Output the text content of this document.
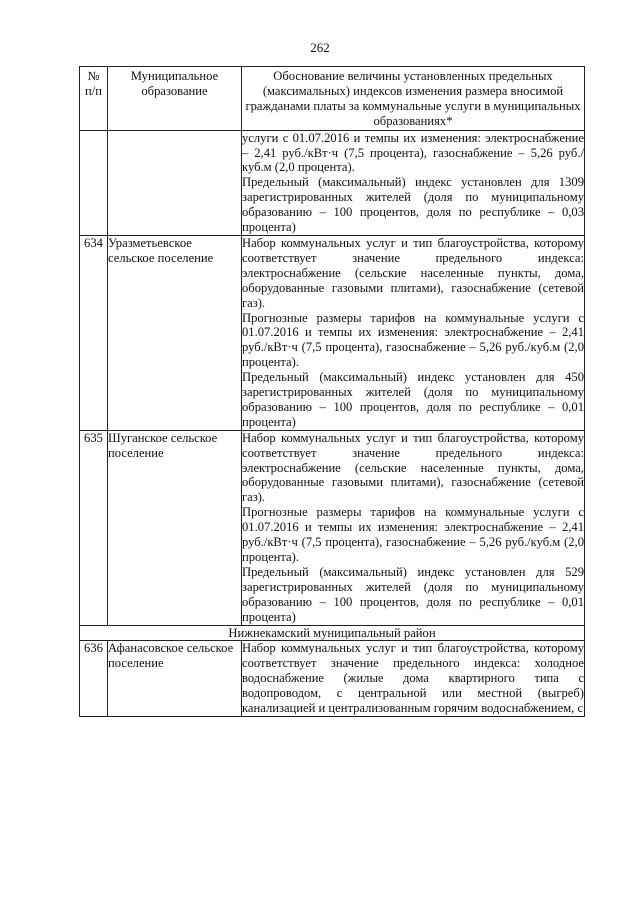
262
№ п/п	Муниципальное образование	Обоснование величины установленных предельных (максимальных) индексов изменения размера вносимой гражданами платы за коммунальные услуги в муниципальных образованиях*

		услуги с 01.07.2016 и темпы их изменения: электроснабжение – 2,41 руб./кВт·ч (7,5 процента), газоснабжение – 5,26 руб./куб.м (2,0 процента).

Предельный (максимальный) индекс установлен для 1309 зарегистрированных жителей (доля по муниципальному образованию – 100 процентов, доля по республике – 0,03 процента)

634	Уразметьевское сельское поселение	Набор коммунальных услуг и тип благоустройства, которому соответствует значение предельного индекса: электроснабжение (сельские населенные пункты, дома, оборудованные газовыми плитами), газоснабжение (сетевой газ).

Прогнозные размеры тарифов на коммунальные услуги с 01.07.2016 и темпы их изменения: электроснабжение – 2,41 руб./кВт·ч (7,5 процента), газоснабжение – 5,26 руб./куб.м (2,0 процента).

Предельный (максимальный) индекс установлен для 450 зарегистрированных жителей (доля по муниципальному образованию – 100 процентов, доля по республике – 0,01 процента)

635	Шуганское сельское поселение	Набор коммунальных услуг и тип благоустройства, которому соответствует значение предельного индекса: электроснабжение (сельские населенные пункты, дома, оборудованные газовыми плитами), газоснабжение (сетевой газ).

Прогнозные размеры тарифов на коммунальные услуги с 01.07.2016 и темпы их изменения: электроснабжение – 2,41 руб./кВт·ч (7,5 процента), газоснабжение – 5,26 руб./куб.м (2,0 процента).

Предельный (максимальный) индекс установлен для 529 зарегистрированных жителей (доля по муниципальному образованию – 100 процентов, доля по республике – 0,01 процента)

Нижнекамский муниципальный район		
636	Афанасовское сельское поселение	Набор коммунальных услуг и тип благоустройства, которому соответствует значение предельного индекса: холодное водоснабжение (жилые дома квартирного типа с водопроводом, с центральной или местной (выгреб) канализацией и централизованным горячим водоснабжением, с
